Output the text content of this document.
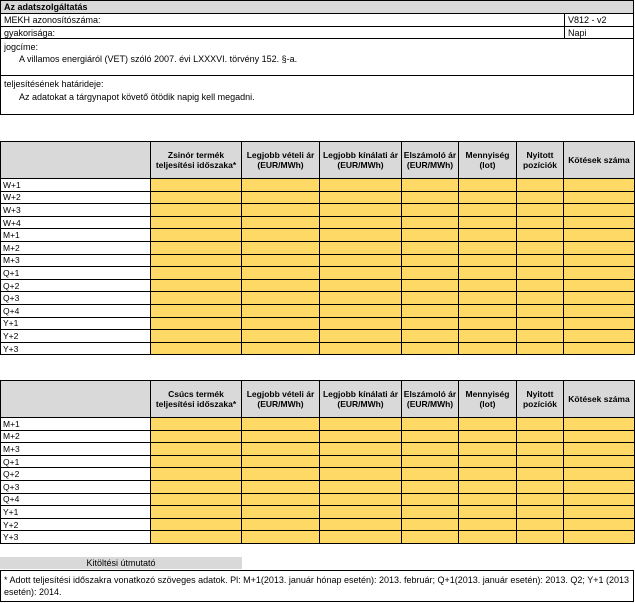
Az adatszolgáltatás
MEKH azonosítószáma:	V812 - v2
gyakorisága:	Napi
jogcíme:
A villamos energiáról (VET) szóló 2007. évi LXXXVI. törvény 152. §-a.
teljesítésének határideje:
Az adatokat a tárgynapot követő ötödik napig kell megadni.
	Zsinór termék teljesítési időszaka*	Legjobb vételi ár (EUR/MWh)	Legjobb kínálati ár (EUR/MWh)	Elszámoló ár (EUR/MWh)	Mennyiség (lot)	Nyitott pozíciók	Kötések száma
W+1							
W+2							
W+3							
W+4							
M+1							
M+2							
M+3							
Q+1							
Q+2							
Q+3							
Q+4							
Y+1							
Y+2							
Y+3							
	Csúcs termék teljesítési időszaka*	Legjobb vételi ár (EUR/MWh)	Legjobb kínálati ár (EUR/MWh)	Elszámoló ár (EUR/MWh)	Mennyiség (lot)	Nyitott pozíciók	Kötések száma
M+1							
M+2							
M+3							
Q+1							
Q+2							
Q+3							
Q+4							
Y+1							
Y+2							
Y+3							
Kitöltési útmutató
* Adott teljesítési időszakra vonatkozó szöveges adatok. Pl: M+1(2013. január hónap esetén): 2013. február; Q+1(2013. január esetén): 2013. Q2; Y+1 (2013 esetén): 2014.
